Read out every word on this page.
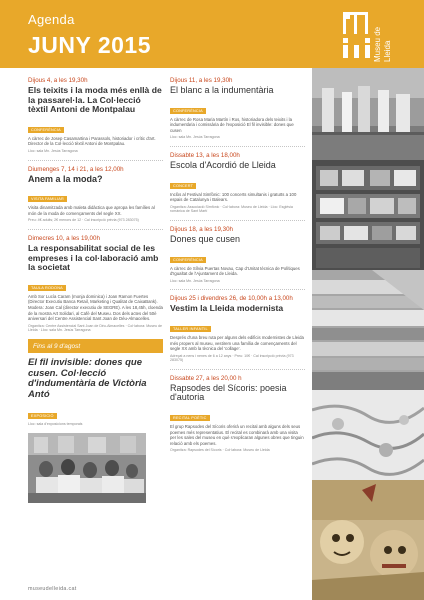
Agenda
JUNY 2015	Museu de Lleida
Dijous 4, a les 19,30h
Els teixits i la moda més enllà de la passarel·la. La Col·lecció tèxtil Antoni de Montpalau
CONFERÈNCIA
A càrrec de Josep Casamartina i Parassols, historiador i crític d'art. Director de la Col·lecció tèxtil Antoni de Montpalau.
Lloc: sala Mn. Jesús Tarragona
Diumenges 7, 14 i 21, a les 12,00h
Anem a la moda?
VISITA FAMILIAR
Visita dinamitzada amb maleta didàctica que apropa les famílies al món de la moda de començaments del segle XX.
Preu: 4€ adults; 2€ menors de 12 · Cal inscripció prèvia (973 283075)
Dimecres 10, a les 19,00h
La responsabilitat social de les empreses i la col·laboració amb la societat
TAULA RODONA
Amb Sor Lucía Caram (monja dominica) i Joan Ramon Fuertes (Director Executiu Banca Retail, Marketing i Qualitat de CaixaBank). Modera: Joan Cal (director executiu de SEGRE). A les 18,45h, cloenda de la mostra Art Solidari, al Cafè del Museu. Dos dels actes del 50è aniversari del Centre Assistencial Sant Joan de Déu-Almacelles.
Organitza: Centre Assistencial Sant Joan de Déu-Almacelles · Col·labora: Museu de Lleida · Lloc: sala Mn. Jesús Tarragona
Fins al 9 d'agost
El fil invisible: dones que cusen. Col·lecció d'indumentària de Victòria Antó
EXPOSICIÓ
Lloc: sala d'exposicions temporals
Dijous 11, a les 19,30h
El blanc a la indumentària
CONFERÈNCIA
A càrrec de Rosa Maria Martín i Ros, historiadora dels teixits i la indumentària i comissària de l'exposició El fil invisible: dones que cusen
Lloc: sala Mn. Jesús Tarragona
Dissabte 13, a les 18,00h
Escola d'Acordió de Lleida
CONCERT
Inclòs al Festival Simfònic: 100 concerts simultanis i gratuïts a 100 espais de Catalunya i Balears.
Organitza: Associació Simfònic · Col·labora: Museu de Lleida · Lloc: Església romànica de Sant Martí
Dijous 18, a les 19,30h
Dones que cusen
CONFERÈNCIA
A càrrec de Sílvia Puertas Novau, Cap d'Unitat tècnica de Polítiques d'Igualtat de l'Ajuntament de Lleida.
Lloc: sala Mn. Jesús Tarragona
Dijous 25 i divendres 26, de 10,00h a 13,00h
Vestim la Lleida modernista
TALLER INFANTIL
Després d'una breu ruta per alguns dels edificis modernistes de Lleida més propers al museu, vestirem una família de començaments del segle XX amb la tècnica del 'collage'.
Adreçat a nens i nenes de 6 a 12 anys · Preu: 10€ · Cal inscripció prèvia (973 283075)
Dissabte 27, a les 20,00 h
Rapsodes del Sícoris: poesia d'autoria
RECITAL POÈTIC
El grup Rapsodes del Sícoris oferirà un recital amb alguns dels seus poemes més representatius. El recital es combinarà amb una visita per les sales del museu en què s'explicaran algunes obres que tinguin relació amb els poemes.
Organitza: Rapsodes del Sícoris · Col·labora: Museu de Lleida
museudelleida.cat
